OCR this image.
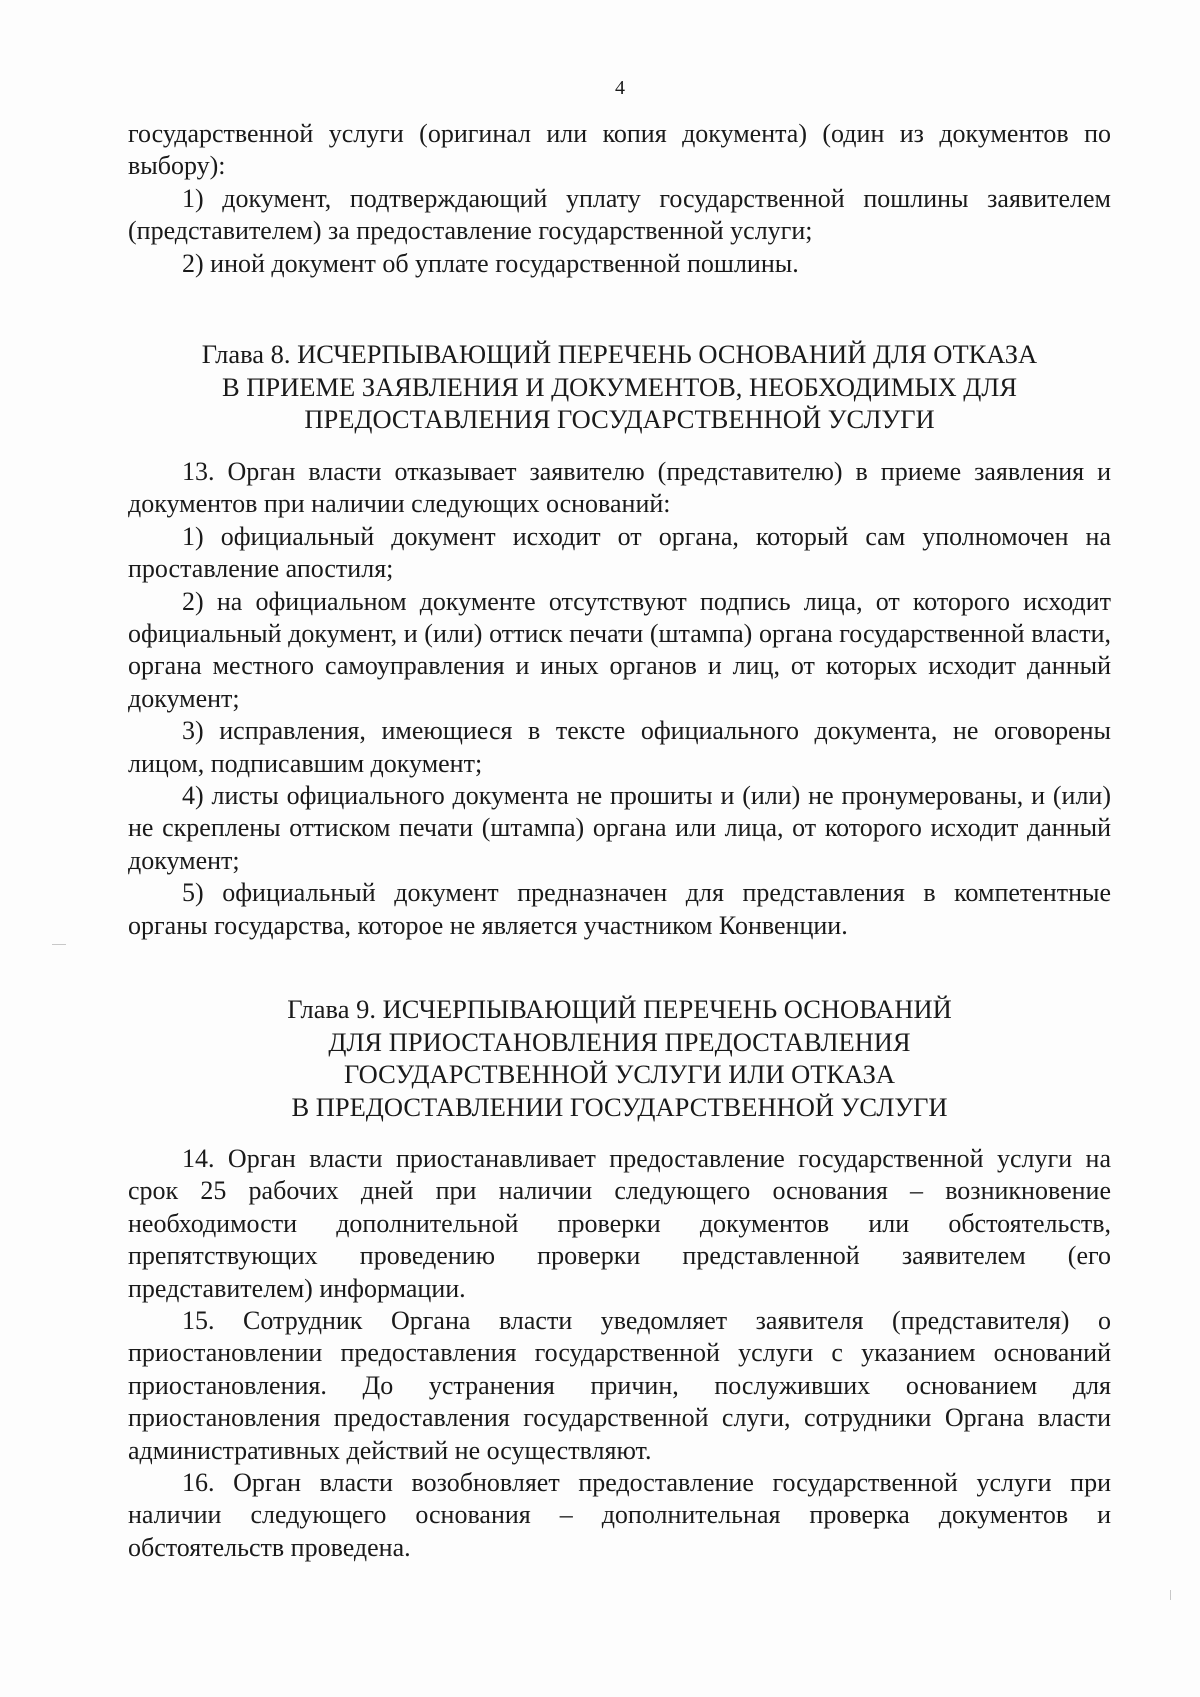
4

государственной услуги (оригинал или копия документа) (один из документов по выбору):

1) документ, подтверждающий уплату государственной пошлины заявителем (представителем) за предоставление государственной услуги;

2) иной документ об уплате государственной пошлины.

Глава 8. ИСЧЕРПЫВАЮЩИЙ ПЕРЕЧЕНЬ ОСНОВАНИЙ ДЛЯ ОТКАЗА
В ПРИЕМЕ ЗАЯВЛЕНИЯ И ДОКУМЕНТОВ, НЕОБХОДИМЫХ ДЛЯ
ПРЕДОСТАВЛЕНИЯ ГОСУДАРСТВЕННОЙ УСЛУГИ

13. Орган власти отказывает заявителю (представителю) в приеме заявления и документов при наличии следующих оснований:

1) официальный документ исходит от органа, который сам уполномочен на проставление апостиля;

2) на официальном документе отсутствуют подпись лица, от которого исходит официальный документ, и (или) оттиск печати (штампа) органа государственной власти, органа местного самоуправления и иных органов и лиц, от которых исходит данный документ;

3) исправления, имеющиеся в тексте официального документа, не оговорены лицом, подписавшим документ;

4) листы официального документа не прошиты и (или) не пронумерованы, и (или) не скреплены оттиском печати (штампа) органа или лица, от которого исходит данный документ;

5) официальный документ предназначен для представления в компетентные органы государства, которое не является участником Конвенции.

Глава 9. ИСЧЕРПЫВАЮЩИЙ ПЕРЕЧЕНЬ ОСНОВАНИЙ
ДЛЯ ПРИОСТАНОВЛЕНИЯ ПРЕДОСТАВЛЕНИЯ
ГОСУДАРСТВЕННОЙ УСЛУГИ ИЛИ ОТКАЗА
В ПРЕДОСТАВЛЕНИИ ГОСУДАРСТВЕННОЙ УСЛУГИ

14. Орган власти приостанавливает предоставление государственной услуги на срок 25 рабочих дней при наличии следующего основания – возникновение необходимости дополнительной проверки документов или обстоятельств, препятствующих проведению проверки представленной заявителем (его представителем) информации.

15. Сотрудник Органа власти уведомляет заявителя (представителя) о приостановлении предоставления государственной услуги с указанием оснований приостановления. До устранения причин, послуживших основанием для приостановления предоставления государственной слуги, сотрудники Органа власти административных действий не осуществляют.

16. Орган власти возобновляет предоставление государственной услуги при наличии следующего основания – дополнительная проверка документов и обстоятельств проведена.
